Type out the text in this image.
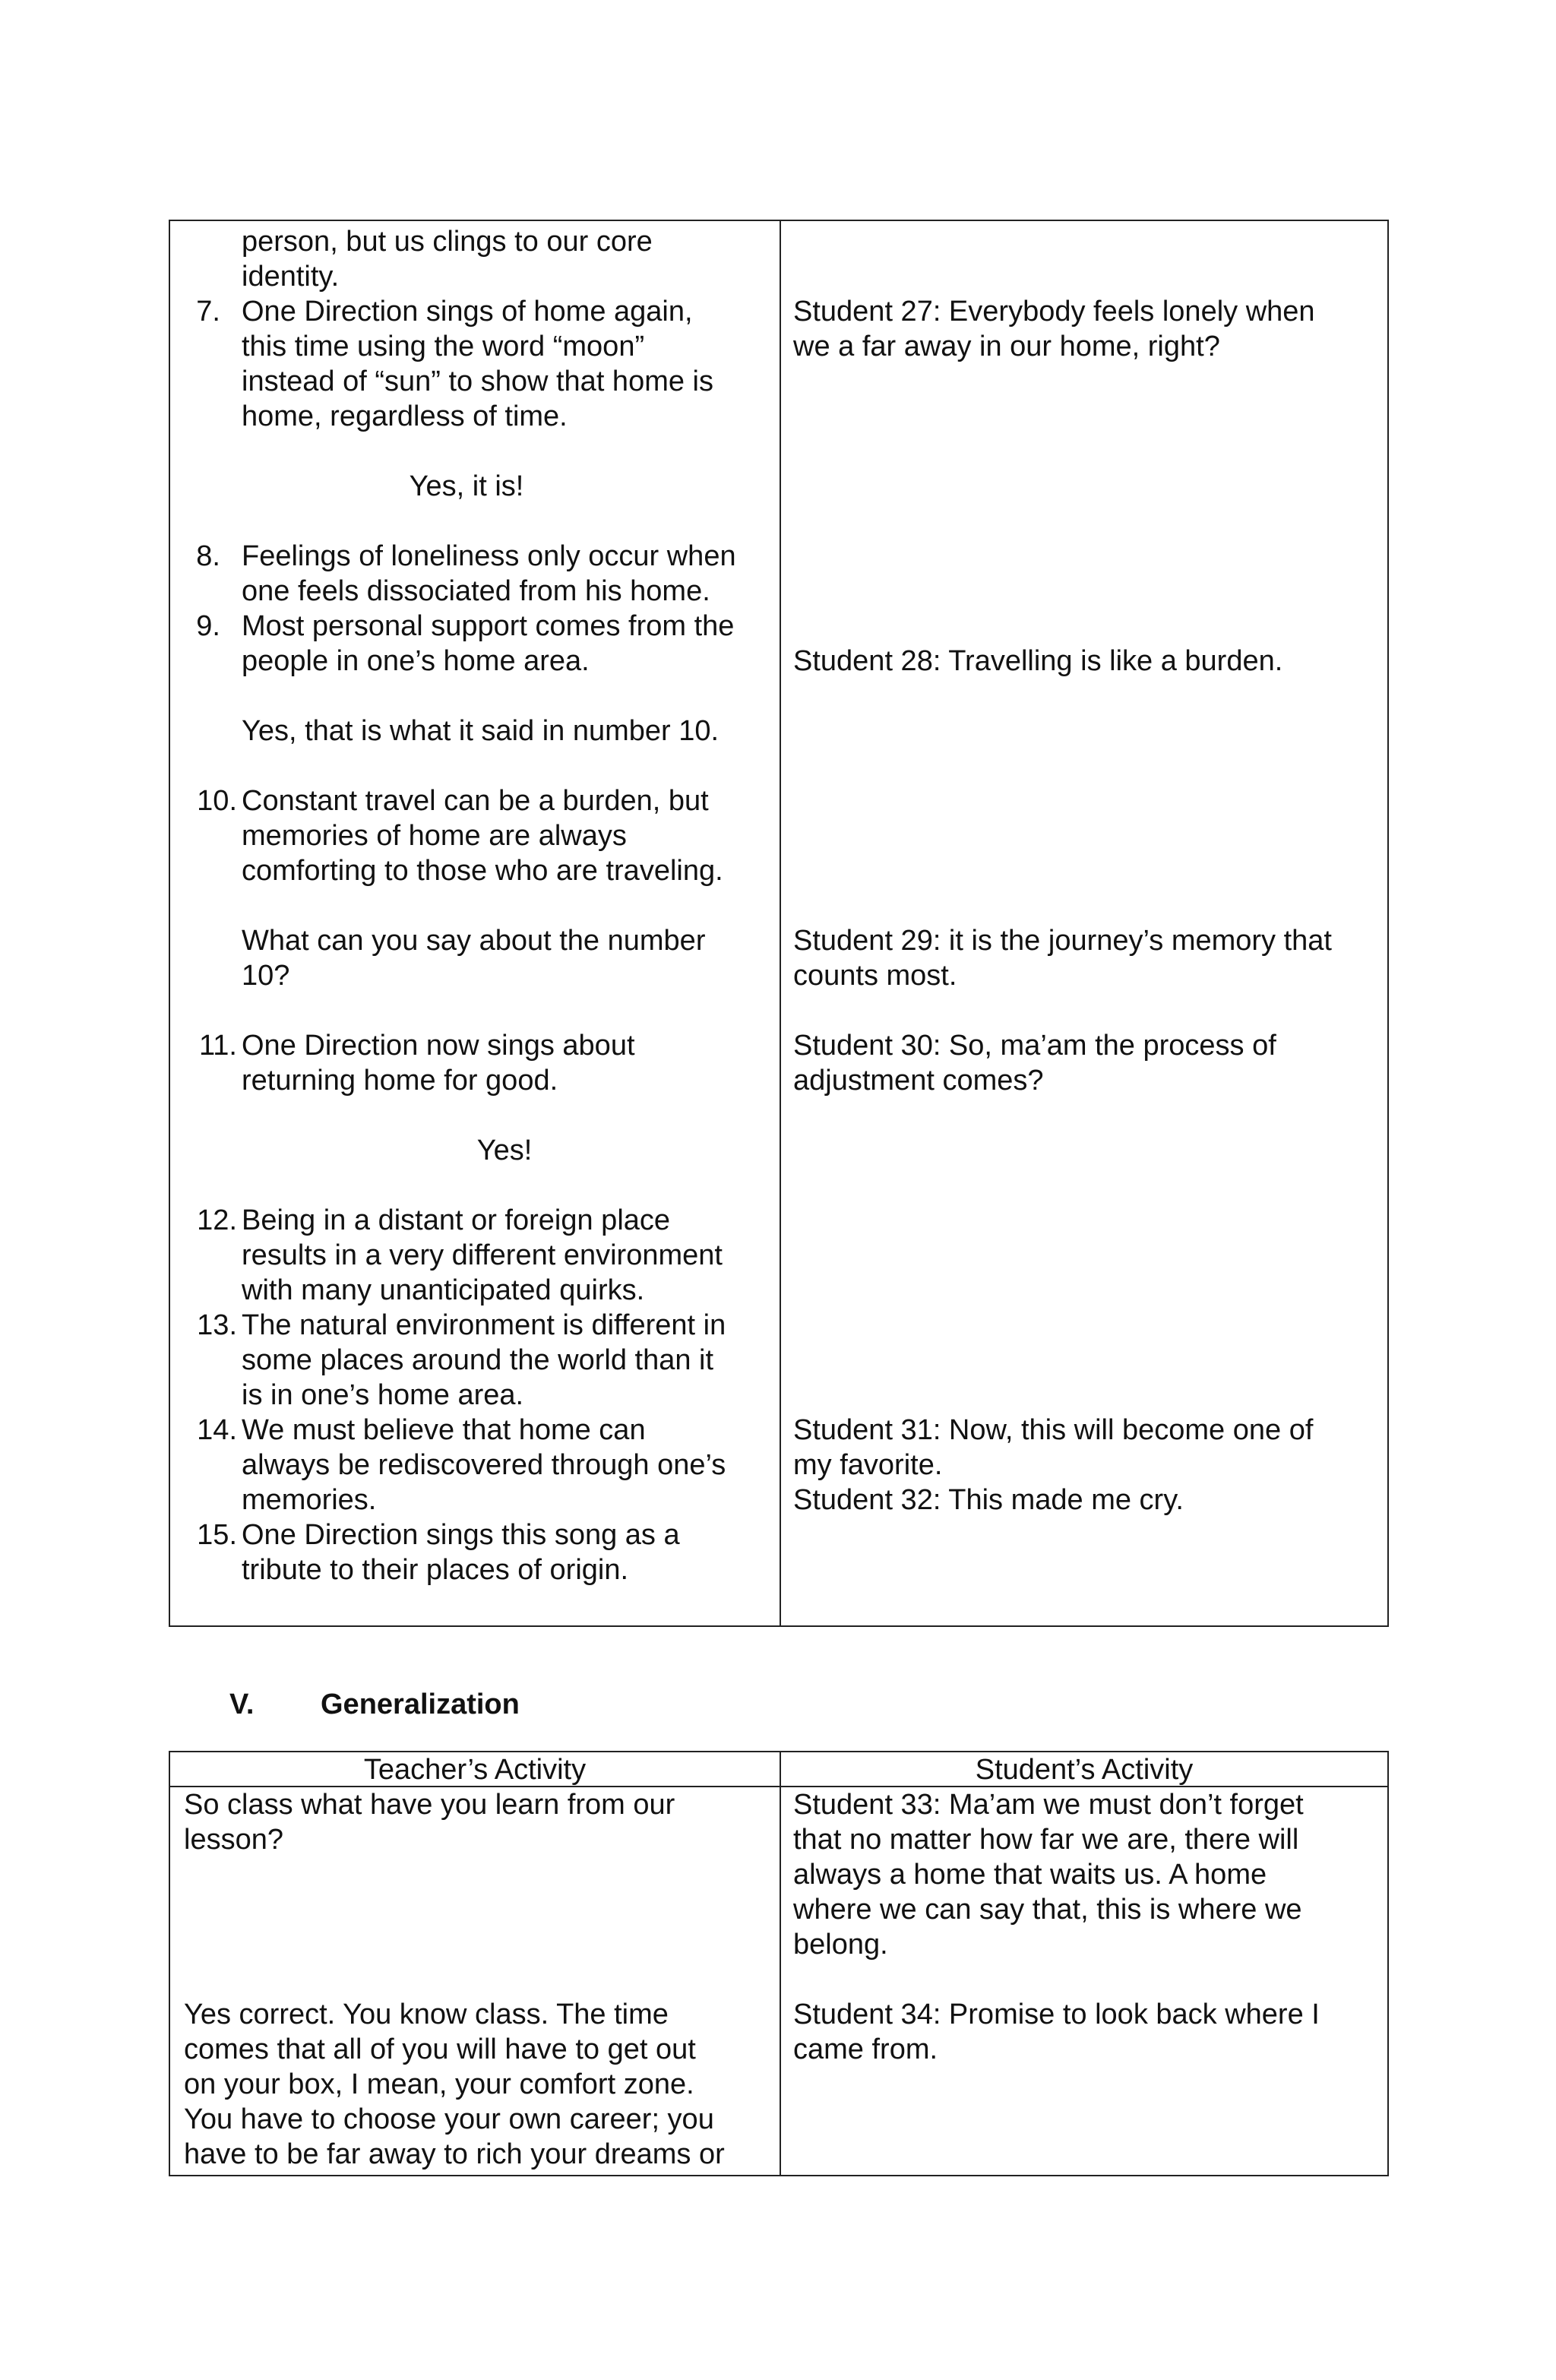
person, but us clings to our core
identity.
7. One Direction sings of home again,
this time using the word “moon”
instead of “sun” to show that home is
home, regardless of time.
Yes, it is!
8. Feelings of loneliness only occur when
one feels dissociated from his home.
9. Most personal support comes from the
people in one’s home area.
Yes, that is what it said in number 10.
10. Constant travel can be a burden, but
memories of home are always
comforting to those who are traveling.
What can you say about the number
10?
11. One Direction now sings about
returning home for good.
Yes!
12. Being in a distant or foreign place
results in a very different environment
with many unanticipated quirks.
13. The natural environment is different in
some places around the world than it
is in one’s home area.
14. We must believe that home can
always be rediscovered through one’s
memories.
15. One Direction sings this song as a
tribute to their places of origin.
Student 27: Everybody feels lonely when
we a far away in our home, right?
Student 28: Travelling is like a burden.
Student 29: it is the journey’s memory that
counts most.
Student 30: So, ma’am the process of
adjustment comes?
Student 31: Now, this will become one of
my favorite.
Student 32: This made me cry.
V. Generalization
Teacher’s Activity	Student’s Activity
So class what have you learn from our
lesson?
Yes correct. You know class. The time
comes that all of you will have to get out
on your box, I mean, your comfort zone.
You have to choose your own career; you
have to be far away to rich your dreams or
Student 33: Ma’am we must don’t forget
that no matter how far we are, there will
always a home that waits us. A home
where we can say that, this is where we
belong.
Student 34: Promise to look back where I
came from.
